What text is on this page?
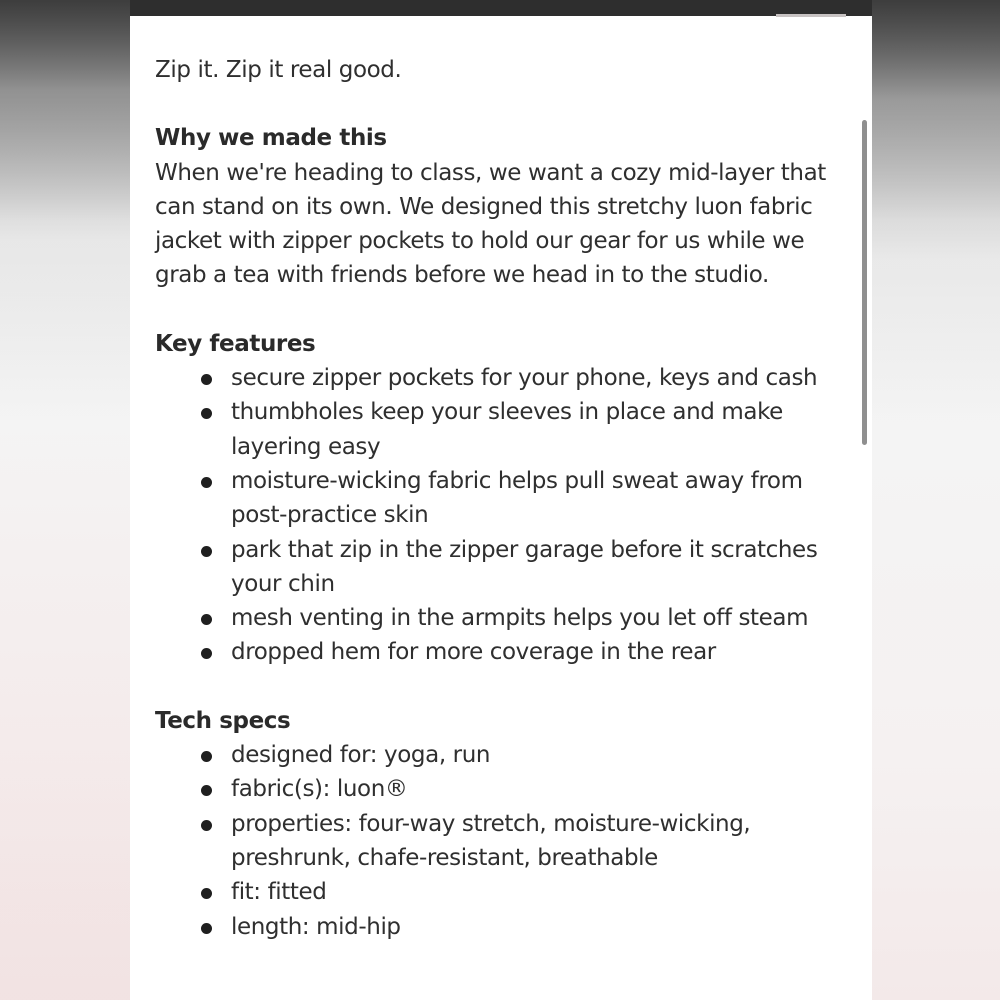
Zip it. Zip it real good.

Why we made this

When we're heading to class, we want a cozy mid-layer that

can stand on its own. We designed this stretchy luon fabric

jacket with zipper pockets to hold our gear for us while we

grab a tea with friends before we head in to the studio.

Key features

secure zipper pockets for your phone, keys and cash
thumbholes keep your sleeves in place and make
layering easy
moisture-wicking fabric helps pull sweat away from
post-practice skin
park that zip in the zipper garage before it scratches
your chin
mesh venting in the armpits helps you let off steam
dropped hem for more coverage in the rear

Tech specs

designed for: yoga, run
fabric(s): luon®
properties: four-way stretch, moisture-wicking,
preshrunk, chafe-resistant, breathable
fit: fitted
length: mid-hip
